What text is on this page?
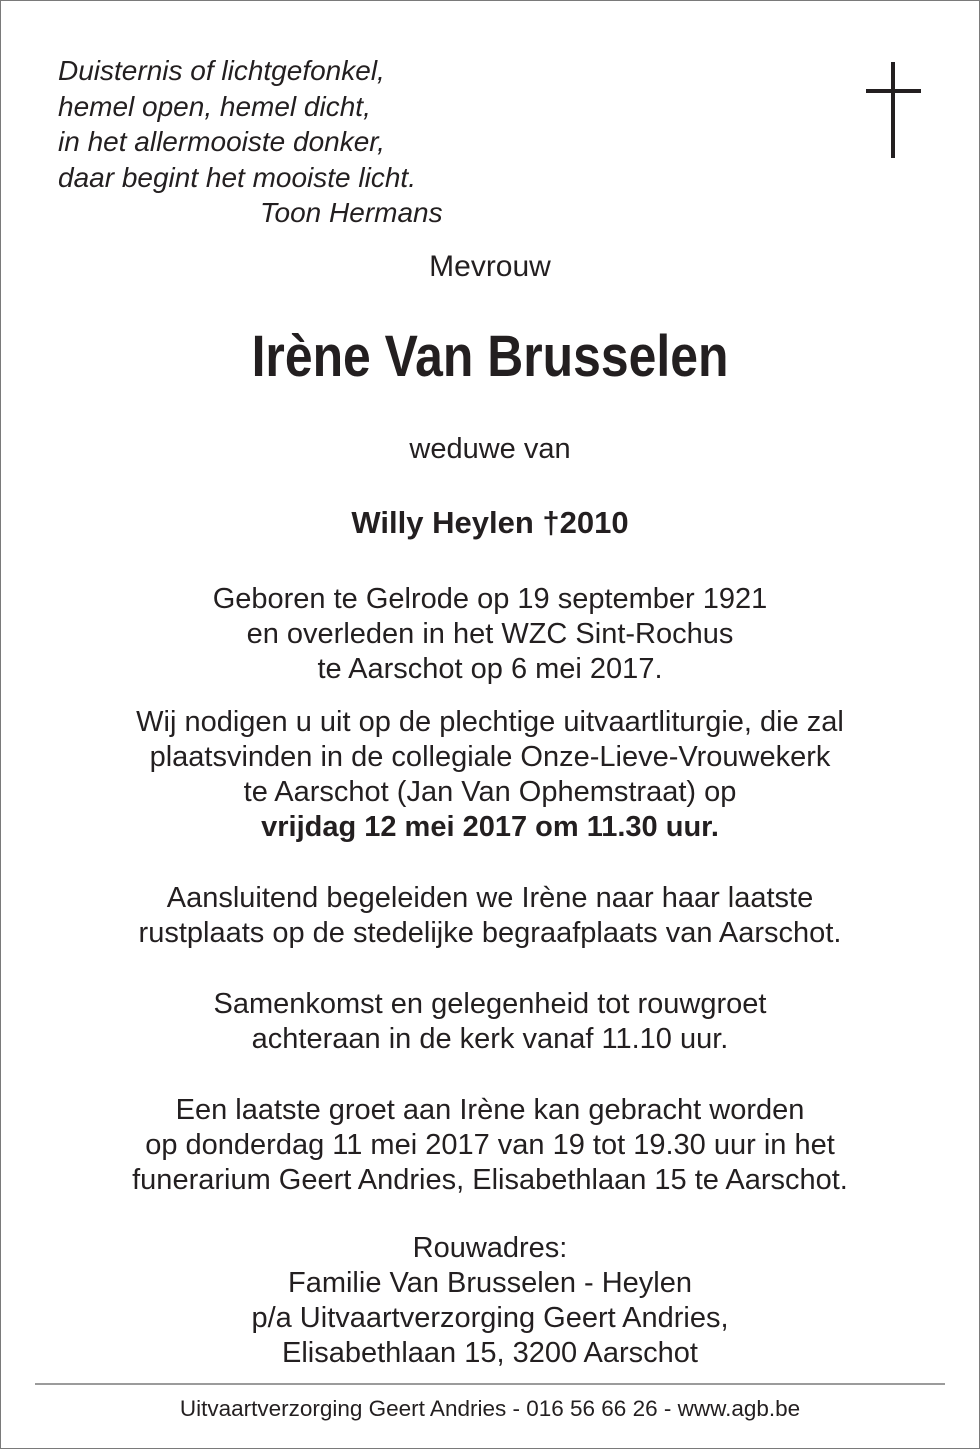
Duisternis of lichtgefonkel,
hemel open, hemel dicht,
in het allermooiste donker,
daar begint het mooiste licht.
Toon Hermans
Mevrouw
Irène Van Brusselen
weduwe van
Willy Heylen †2010
Geboren te Gelrode op 19 september 1921
en overleden in het WZC Sint-Rochus
te Aarschot op 6 mei 2017.
Wij nodigen u uit op de plechtige uitvaartliturgie, die zal
plaatsvinden in de collegiale Onze-Lieve-Vrouwekerk
te Aarschot (Jan Van Ophemstraat) op
vrijdag 12 mei 2017 om 11.30 uur.
Aansluitend begeleiden we Irène naar haar laatste
rustplaats op de stedelijke begraafplaats van Aarschot.
Samenkomst en gelegenheid tot rouwgroet
achteraan in de kerk vanaf 11.10 uur.
Een laatste groet aan Irène kan gebracht worden
op donderdag 11 mei 2017 van 19 tot 19.30 uur in het
funerarium Geert Andries, Elisabethlaan 15 te Aarschot.
Rouwadres:
Familie Van Brusselen - Heylen
p/a Uitvaartverzorging Geert Andries,
Elisabethlaan 15, 3200 Aarschot
Uitvaartverzorging Geert Andries - 016 56 66 26 - www.agb.be
